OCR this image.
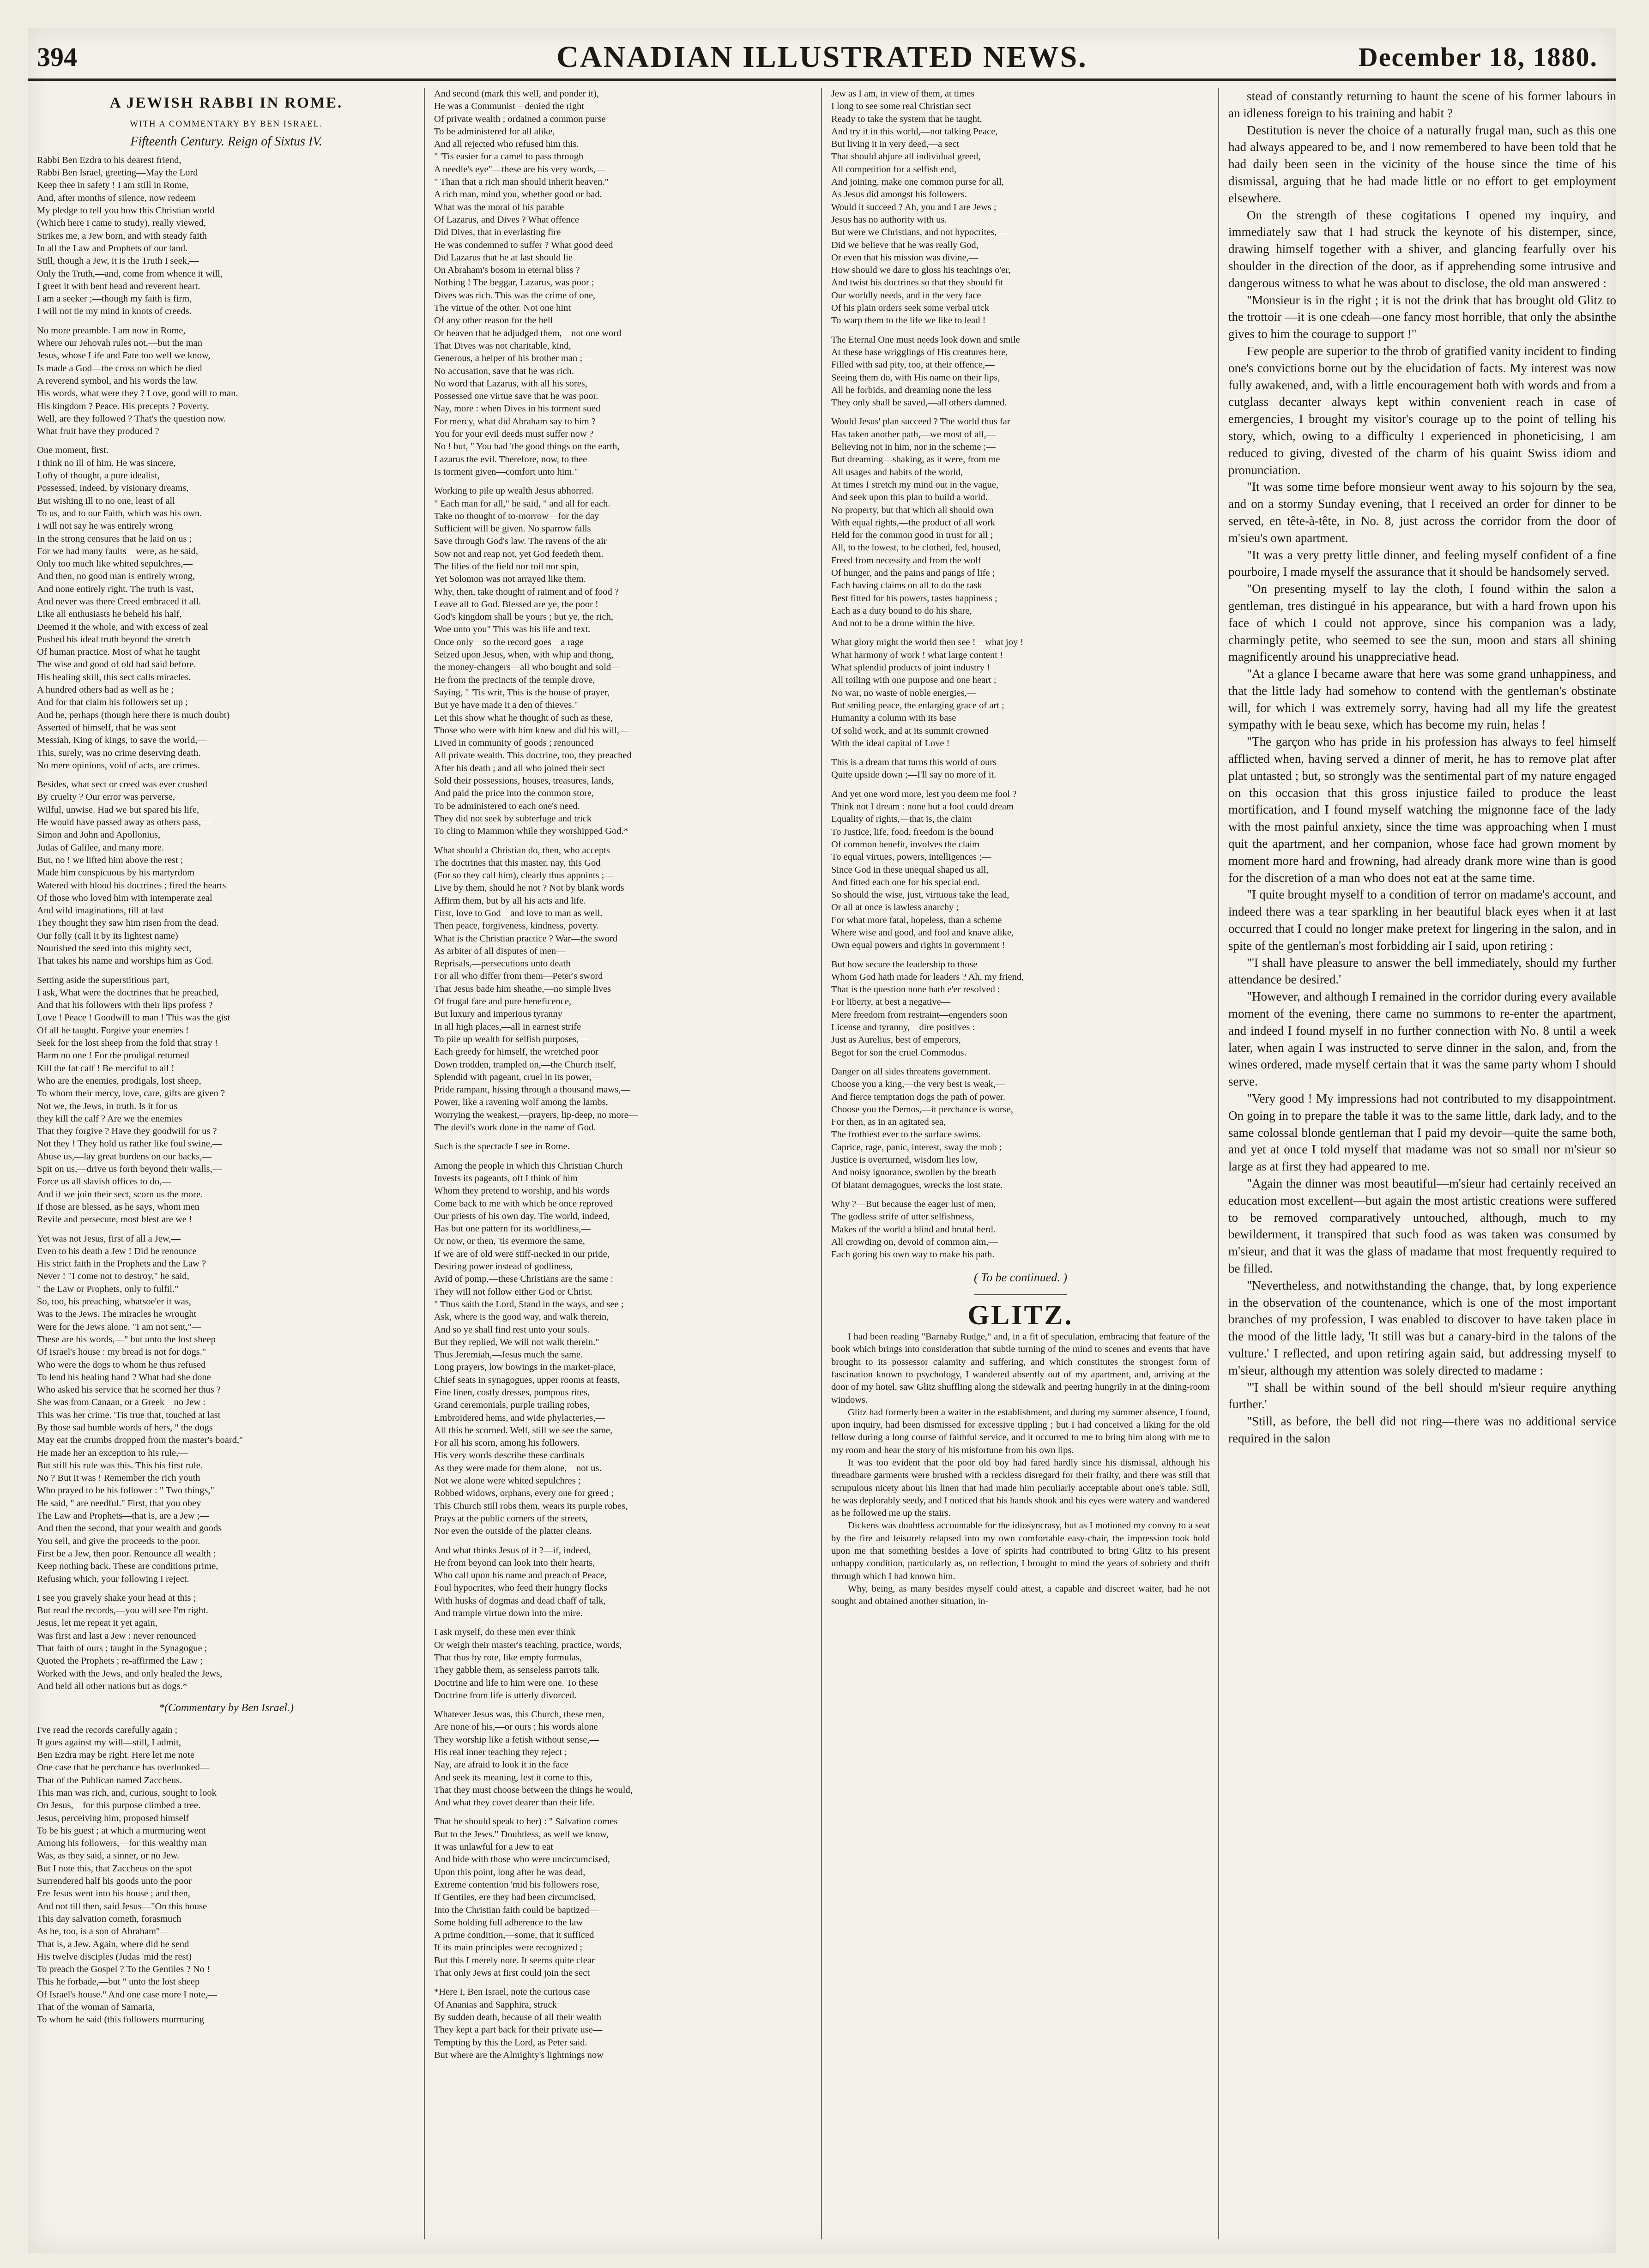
394	CANADIAN ILLUSTRATED NEWS.	December 18, 1880.
A JEWISH RABBI IN ROME.
WITH A COMMENTARY BY BEN ISRAEL.
Fifteenth Century. Reign of Sixtus IV.
Rabbi Ben Ezdra to his dearest friend,
Rabbi Ben Israel, greeting—May the Lord
Keep thee in safety ! I am still in Rome,
And, after months of silence, now redeem
My pledge to tell you how this Christian world
(Which here I came to study), really viewed,
Strikes me, a Jew born, and with steady faith
In all the Law and Prophets of our land.
Still, though a Jew, it is the Truth I seek,—
Only the Truth,—and, come from whence it will,
I greet it with bent head and reverent heart.
I am a seeker ;—though my faith is firm,
I will not tie my mind in knots of creeds.
No more preamble. I am now in Rome,
Where our Jehovah rules not,—but the man
Jesus, whose Life and Fate too well we know,
Is made a God—the cross on which he died
A reverend symbol, and his words the law.
His words, what were they ? Love, good will to man.
His kingdom ? Peace. His precepts ? Poverty.
Well, are they followed ? That's the question now.
What fruit have they produced ?
One moment, first.
I think no ill of him. He was sincere,
Lofty of thought, a pure idealist,
Possessed, indeed, by visionary dreams,
But wishing ill to no one, least of all
To us, and to our Faith, which was his own.
I will not say he was entirely wrong
In the strong censures that he laid on us ;
For we had many faults—were, as he said,
Only too much like whited sepulchres,—
And then, no good man is entirely wrong,
And none entirely right. The truth is vast,
And never was there Creed embraced it all.
Like all enthusiasts he beheld his half,
Deemed it the whole, and with excess of zeal
Pushed his ideal truth beyond the stretch
Of human practice. Most of what he taught
The wise and good of old had said before.
His healing skill, this sect calls miracles.
A hundred others had as well as he ;
And for that claim his followers set up ;
And he, perhaps (though here there is much doubt)
Asserted of himself, that he was sent
Messiah, King of kings, to save the world,—
This, surely, was no crime deserving death.
No mere opinions, void of acts, are crimes.
Besides, what sect or creed was ever crushed
By cruelty ? Our error was perverse,
Wilful, unwise. Had we but spared his life,
He would have passed away as others pass,—
Simon and John and Apollonius,
Judas of Galilee, and many more.
But, no ! we lifted him above the rest ;
Made him conspicuous by his martyrdom
Watered with blood his doctrines ; fired the hearts
Of those who loved him with intemperate zeal
And wild imaginations, till at last
They thought they saw him risen from the dead.
Our folly (call it by its lightest name)
Nourished the seed into this mighty sect,
That takes his name and worships him as God.
Setting aside the superstitious part,
I ask, What were the doctrines that he preached,
And that his followers with their lips profess ?
Love ! Peace ! Goodwill to man ! This was the gist
Of all he taught. Forgive your enemies !
Seek for the lost sheep from the fold that stray !
Harm no one ! For the prodigal returned
Kill the fat calf ! Be merciful to all !
Who are the enemies, prodigals, lost sheep,
To whom their mercy, love, care, gifts are given ?
Not we, the Jews, in truth. Is it for us
they kill the calf ? Are we the enemies
That they forgive ? Have they goodwill for us ?
Not they ! They hold us rather like foul swine,—
Abuse us,—lay great burdens on our backs,—
Spit on us,—drive us forth beyond their walls,—
Force us all slavish offices to do,—
And if we join their sect, scorn us the more.
If those are blessed, as he says, whom men
Revile and persecute, most blest are we !
Yet was not Jesus, first of all a Jew,—
Even to his death a Jew ! Did he renounce
His strict faith in the Prophets and the Law ?
Never ! "I come not to destroy," he said,
" the Law or Prophets, only to fulfil."
So, too, his preaching, whatsoe'er it was,
Was to the Jews. The miracles he wrought
Were for the Jews alone. "I am not sent,"—
These are his words,—" but unto the lost sheep
Of Israel's house : my bread is not for dogs."
Who were the dogs to whom he thus refused
To lend his healing hand ? What had she done
Who asked his service that he scorned her thus ?
She was from Canaan, or a Greek—no Jew :
This was her crime. 'Tis true that, touched at last
By those sad humble words of hers, " the dogs
May eat the crumbs dropped from the master's board,"
He made her an exception to his rule,—
But still his rule was this. This his first rule.
No ? But it was ! Remember the rich youth
Who prayed to be his follower : " Two things,"
He said, " are needful." First, that you obey
The Law and Prophets—that is, are a Jew ;—
And then the second, that your wealth and goods
You sell, and give the proceeds to the poor.
First be a Jew, then poor. Renounce all wealth ;
Keep nothing back. These are conditions prime,
Refusing which, your following I reject.
I see you gravely shake your head at this ;
But read the records,—you will see I'm right.
Jesus, let me repeat it yet again,
Was first and last a Jew : never renounced
That faith of ours ; taught in the Synagogue ;
Quoted the Prophets ; re-affirmed the Law ;
Worked with the Jews, and only healed the Jews,
And held all other nations but as dogs.*
*(Commentary by Ben Israel.)
I've read the records carefully again ;
It goes against my will—still, I admit,
Ben Ezdra may be right. Here let me note
One case that he perchance has overlooked—
That of the Publican named Zaccheus.
This man was rich, and, curious, sought to look
On Jesus,—for this purpose climbed a tree.
Jesus, perceiving him, proposed himself
To be his guest ; at which a murmuring went
Among his followers,—for this wealthy man
Was, as they said, a sinner, or no Jew.
But I note this, that Zaccheus on the spot
Surrendered half his goods unto the poor
Ere Jesus went into his house ; and then,
And not till then, said Jesus—"On this house
This day salvation cometh, forasmuch
As he, too, is a son of Abraham"—
That is, a Jew. Again, where did he send
His twelve disciples (Judas 'mid the rest)
To preach the Gospel ? To the Gentiles ? No !
This he forbade,—but " unto the lost sheep
Of Israel's house." And one case more I note,—
That of the woman of Samaria,
To whom he said (this followers murmuring
And second (mark this well, and ponder it),
He was a Communist—denied the right
Of private wealth ; ordained a common purse
To be administered for all alike,
And all rejected who refused him this.
" 'Tis easier for a camel to pass through
A needle's eye"—these are his very words,—
" Than that a rich man should inherit heaven."
A rich man, mind you, whether good or bad.
What was the moral of his parable
Of Lazarus, and Dives ? What offence
Did Dives, that in everlasting fire
He was condemned to suffer ? What good deed
Did Lazarus that he at last should lie
On Abraham's bosom in eternal bliss ?
Nothing ! The beggar, Lazarus, was poor ;
Dives was rich. This was the crime of one,
The virtue of the other. Not one hint
Of any other reason for the hell
Or heaven that he adjudged them,—not one word
That Dives was not charitable, kind,
Generous, a helper of his brother man ;—
No accusation, save that he was rich.
No word that Lazarus, with all his sores,
Possessed one virtue save that he was poor.
Nay, more : when Dives in his torment sued
For mercy, what did Abraham say to him ?
You for your evil deeds must suffer now ?
No ! but, " You had 'the good things on the earth,
Lazarus the evil. Therefore, now, to thee
Is torment given—comfort unto him."
Working to pile up wealth Jesus abhorred.
" Each man for all," he said, " and all for each.
Take no thought of to-morrow—for the day
Sufficient will be given. No sparrow falls
Save through God's law. The ravens of the air
Sow not and reap not, yet God feedeth them.
The lilies of the field nor toil nor spin,
Yet Solomon was not arrayed like them.
Why, then, take thought of raiment and of food ?
Leave all to God. Blessed are ye, the poor !
God's kingdom shall be yours ; but ye, the rich,
Woe unto you" This was his life and text.
Once only—so the record goes—a rage
Seized upon Jesus, when, with whip and thong,
the money-changers—all who bought and sold—
He from the precincts of the temple drove,
Saying, " 'Tis writ, This is the house of prayer,
But ye have made it a den of thieves."
Let this show what he thought of such as these,
Those who were with him knew and did his will,—
Lived in community of goods ; renounced
All private wealth. This doctrine, too, they preached
After his death ; and all who joined their sect
Sold their possessions, houses, treasures, lands,
And paid the price into the common store,
To be administered to each one's need.
They did not seek by subterfuge and trick
To cling to Mammon while they worshipped God.*
What should a Christian do, then, who accepts
The doctrines that this master, nay, this God
(For so they call him), clearly thus appoints ;—
Live by them, should he not ? Not by blank words
Affirm them, but by all his acts and life.
First, love to God—and love to man as well.
Then peace, forgiveness, kindness, poverty.
What is the Christian practice ? War—the sword
As arbiter of all disputes of men—
Reprisals,—persecutions unto death
For all who differ from them—Peter's sword
That Jesus bade him sheathe,—no simple lives
Of frugal fare and pure beneficence,
But luxury and imperious tyranny
In all high places,—all in earnest strife
To pile up wealth for selfish purposes,—
Each greedy for himself, the wretched poor
Down trodden, trampled on,—the Church itself,
Splendid with pageant, cruel in its power,—
Pride rampant, hissing through a thousand maws,—
Power, like a ravening wolf among the lambs,
Worrying the weakest,—prayers, lip-deep, no more—
The devil's work done in the name of God.
Such is the spectacle I see in Rome.
Among the people in which this Christian Church
Invests its pageants, oft I think of him
Whom they pretend to worship, and his words
Come back to me with which he once reproved
Our priests of his own day. The world, indeed,
Has but one pattern for its worldliness,—
Or now, or then, 'tis evermore the same,
If we are of old were stiff-necked in our pride,
Desiring power instead of godliness,
Avid of pomp,—these Christians are the same :
They will not follow either God or Christ.
" Thus saith the Lord, Stand in the ways, and see ;
Ask, where is the good way, and walk therein,
And so ye shall find rest unto your souls.
But they replied, We will not walk therein."
Thus Jeremiah,—Jesus much the same.
Long prayers, low bowings in the market-place,
Chief seats in synagogues, upper rooms at feasts,
Fine linen, costly dresses, pompous rites,
Grand ceremonials, purple trailing robes,
Embroidered hems, and wide phylacteries,—
All this he scorned. Well, still we see the same,
For all his scorn, among his followers.
His very words describe these cardinals
As they were made for them alone,—not us.
Not we alone were whited sepulchres ;
Robbed widows, orphans, every one for greed ;
This Church still robs them, wears its purple robes,
Prays at the public corners of the streets,
Nor even the outside of the platter cleans.
And what thinks Jesus of it ?—if, indeed,
He from beyond can look into their hearts,
Who call upon his name and preach of Peace,
Foul hypocrites, who feed their hungry flocks
With husks of dogmas and dead chaff of talk,
And trample virtue down into the mire.
I ask myself, do these men ever think
Or weigh their master's teaching, practice, words,
That thus by rote, like empty formulas,
They gabble them, as senseless parrots talk.
Doctrine and life to him were one. To these
Doctrine from life is utterly divorced.
Whatever Jesus was, this Church, these men,
Are none of his,—or ours ; his words alone
They worship like a fetish without sense,—
His real inner teaching they reject ;
Nay, are afraid to look it in the face
And seek its meaning, lest it come to this,
That they must choose between the things he would,
And what they covet dearer than their life.
That he should speak to her) : " Salvation comes
But to the Jews." Doubtless, as well we know,
It was unlawful for a Jew to eat
And bide with those who were uncircumcised,
Upon this point, long after he was dead,
Extreme contention 'mid his followers rose,
If Gentiles, ere they had been circumcised,
Into the Christian faith could be baptized—
Some holding full adherence to the law
A prime condition,—some, that it sufficed
If its main principles were recognized ;
But this I merely note. It seems quite clear
That only Jews at first could join the sect
*Here I, Ben Israel, note the curious case
Of Ananias and Sapphira, struck
By sudden death, because of all their wealth
They kept a part back for their private use—
Tempting by this the Lord, as Peter said.
But where are the Almighty's lightnings now
Jew as I am, in view of them, at times
I long to see some real Christian sect
Ready to take the system that he taught,
And try it in this world,—not talking Peace,
But living it in very deed,—a sect
That should abjure all individual greed,
All competition for a selfish end,
And joining, make one common purse for all,
As Jesus did amongst his followers.
Would it succeed ? Ah, you and I are Jews ;
Jesus has no authority with us.
But were we Christians, and not hypocrites,—
Did we believe that he was really God,
Or even that his mission was divine,—
How should we dare to gloss his teachings o'er,
And twist his doctrines so that they should fit
Our worldly needs, and in the very face
Of his plain orders seek some verbal trick
To warp them to the life we like to lead !
The Eternal One must needs look down and smile
At these base wrigglings of His creatures here,
Filled with sad pity, too, at their offence,—
Seeing them do, with His name on their lips,
All he forbids, and dreaming none the less
They only shall be saved,—all others damned.
Would Jesus' plan succeed ? The world thus far
Has taken another path,—we most of all,—
Believing not in him, nor in the scheme ;—
But dreaming—shaking, as it were, from me
All usages and habits of the world,
At times I stretch my mind out in the vague,
And seek upon this plan to build a world.
No property, but that which all should own
With equal rights,—the product of all work
Held for the common good in trust for all ;
All, to the lowest, to be clothed, fed, housed,
Freed from necessity and from the wolf
Of hunger, and the pains and pangs of life ;
Each having claims on all to do the task
Best fitted for his powers, tastes happiness ;
Each as a duty bound to do his share,
And not to be a drone within the hive.
What glory might the world then see !—what joy !
What harmony of work ! what large content !
What splendid products of joint industry !
All toiling with one purpose and one heart ;
No war, no waste of noble energies,—
But smiling peace, the enlarging grace of art ;
Humanity a column with its base
Of solid work, and at its summit crowned
With the ideal capital of Love !
This is a dream that turns this world of ours
Quite upside down ;—I'll say no more of it.
And yet one word more, lest you deem me fool ?
Think not I dream : none but a fool could dream
Equality of rights,—that is, the claim
To Justice, life, food, freedom is the bound
Of common benefit, involves the claim
To equal virtues, powers, intelligences ;—
Since God in these unequal shaped us all,
And fitted each one for his special end.
So should the wise, just, virtuous take the lead,
Or all at once is lawless anarchy ;
For what more fatal, hopeless, than a scheme
Where wise and good, and fool and knave alike,
Own equal powers and rights in government !
But how secure the leadership to those
Whom God hath made for leaders ? Ah, my friend,
That is the question none hath e'er resolved ;
For liberty, at best a negative—
Mere freedom from restraint—engenders soon
License and tyranny,—dire positives :
Just as Aurelius, best of emperors,
Begot for son the cruel Commodus.
Danger on all sides threatens government.
Choose you a king,—the very best is weak,—
And fierce temptation dogs the path of power.
Choose you the Demos,—it perchance is worse,
For then, as in an agitated sea,
The frothiest ever to the surface swims.
Caprice, rage, panic, interest, sway the mob ;
Justice is overturned, wisdom lies low,
And noisy ignorance, swollen by the breath
Of blatant demagogues, wrecks the lost state.
Why ?—But because the eager lust of men,
The godless strife of utter selfishness,
Makes of the world a blind and brutal herd.
All crowding on, devoid of common aim,—
Each goring his own way to make his path.
( To be continued. )
GLITZ.

I had been reading "Barnaby Rudge," and, in a fit of speculation, embracing that feature of the book which brings into consideration that subtle turning of the mind to scenes and events that have brought to its possessor calamity and suffering, and which constitutes the strongest form of fascination known to psychology, I wandered absently out of my apartment, and, arriving at the door of my hotel, saw Glitz shuffling along the sidewalk and peering hungrily in at the dining-room windows.

Glitz had formerly been a waiter in the establishment, and during my summer absence, I found, upon inquiry, had been dismissed for excessive tippling ; but I had conceived a liking for the old fellow during a long course of faithful service, and it occurred to me to bring him along with me to my room and hear the story of his misfortune from his own lips.

It was too evident that the poor old boy had fared hardly since his dismissal, although his threadbare garments were brushed with a reckless disregard for their frailty, and there was still that scrupulous nicety about his linen that had made him peculiarly acceptable about one's table. Still, he was deplorably seedy, and I noticed that his hands shook and his eyes were watery and wandered as he followed me up the stairs.

Dickens was doubtless accountable for the idiosyncrasy, but as I motioned my convoy to a seat by the fire and leisurely relapsed into my own comfortable easy-chair, the impression took hold upon me that something besides a love of spirits had contributed to bring Glitz to his present unhappy condition, particularly as, on reflection, I brought to mind the years of sobriety and thrift through which I had known him.

Why, being, as many besides myself could attest, a capable and discreet waiter, had he not sought and obtained another situation, in-

stead of constantly returning to haunt the scene of his former labours in an idleness foreign to his training and habit ?

Destitution is never the choice of a naturally frugal man, such as this one had always appeared to be, and I now remembered to have been told that he had daily been seen in the vicinity of the house since the time of his dismissal, arguing that he had made little or no effort to get employment elsewhere.

On the strength of these cogitations I opened my inquiry, and immediately saw that I had struck the keynote of his distemper, since, drawing himself together with a shiver, and glancing fearfully over his shoulder in the direction of the door, as if apprehending some intrusive and dangerous witness to what he was about to disclose, the old man answered :

"Monsieur is in the right ; it is not the drink that has brought old Glitz to the trottoir —it is one cdeah—one fancy most horrible, that only the absinthe gives to him the courage to support !"

Few people are superior to the throb of gratified vanity incident to finding one's convictions borne out by the elucidation of facts. My interest was now fully awakened, and, with a little encouragement both with words and from a cutglass decanter always kept within convenient reach in case of emergencies, I brought my visitor's courage up to the point of telling his story, which, owing to a difficulty I experienced in phoneticising, I am reduced to giving, divested of the charm of his quaint Swiss idiom and pronunciation.

"It was some time before monsieur went away to his sojourn by the sea, and on a stormy Sunday evening, that I received an order for dinner to be served, en tête-à-tête, in No. 8, just across the corridor from the door of m'sieu's own apartment.

"It was a very pretty little dinner, and feeling myself confident of a fine pourboire, I made myself the assurance that it should be handsomely served.

"On presenting myself to lay the cloth, I found within the salon a gentleman, tres distingué in his appearance, but with a hard frown upon his face of which I could not approve, since his companion was a lady, charmingly petite, who seemed to see the sun, moon and stars all shining magnificently around his unappreciative head.

"At a glance I became aware that here was some grand unhappiness, and that the little lady had somehow to contend with the gentleman's obstinate will, for which I was extremely sorry, having had all my life the greatest sympathy with le beau sexe, which has become my ruin, helas !

"The garçon who has pride in his profession has always to feel himself afflicted when, having served a dinner of merit, he has to remove plat after plat untasted ; but, so strongly was the sentimental part of my nature engaged on this occasion that this gross injustice failed to produce the least mortification, and I found myself watching the mignonne face of the lady with the most painful anxiety, since the time was approaching when I must quit the apartment, and her companion, whose face had grown moment by moment more hard and frowning, had already drank more wine than is good for the discretion of a man who does not eat at the same time.

"I quite brought myself to a condition of terror on madame's account, and indeed there was a tear sparkling in her beautiful black eyes when it at last occurred that I could no longer make pretext for lingering in the salon, and in spite of the gentleman's most forbidding air I said, upon retiring :

"'I shall have pleasure to answer the bell immediately, should my further attendance be desired.'

"However, and although I remained in the corridor during every available moment of the evening, there came no summons to re-enter the apartment, and indeed I found myself in no further connection with No. 8 until a week later, when again I was instructed to serve dinner in the salon, and, from the wines ordered, made myself certain that it was the same party whom I should serve.

"Very good ! My impressions had not contributed to my disappointment. On going in to prepare the table it was to the same little, dark lady, and to the same colossal blonde gentleman that I paid my devoir—quite the same both, and yet at once I told myself that madame was not so small nor m'sieur so large as at first they had appeared to me.

"Again the dinner was most beautiful—m'sieur had certainly received an education most excellent—but again the most artistic creations were suffered to be removed comparatively untouched, although, much to my bewilderment, it transpired that such food as was taken was consumed by m'sieur, and that it was the glass of madame that most frequently required to be filled.

"Nevertheless, and notwithstanding the change, that, by long experience in the observation of the countenance, which is one of the most important branches of my profession, I was enabled to discover to have taken place in the mood of the little lady, 'It still was but a canary-bird in the talons of the vulture.' I reflected, and upon retiring again said, but addressing myself to m'sieur, although my attention was solely directed to madame :

"'I shall be within sound of the bell should m'sieur require anything further.'

"Still, as before, the bell did not ring—there was no additional service required in the salon
